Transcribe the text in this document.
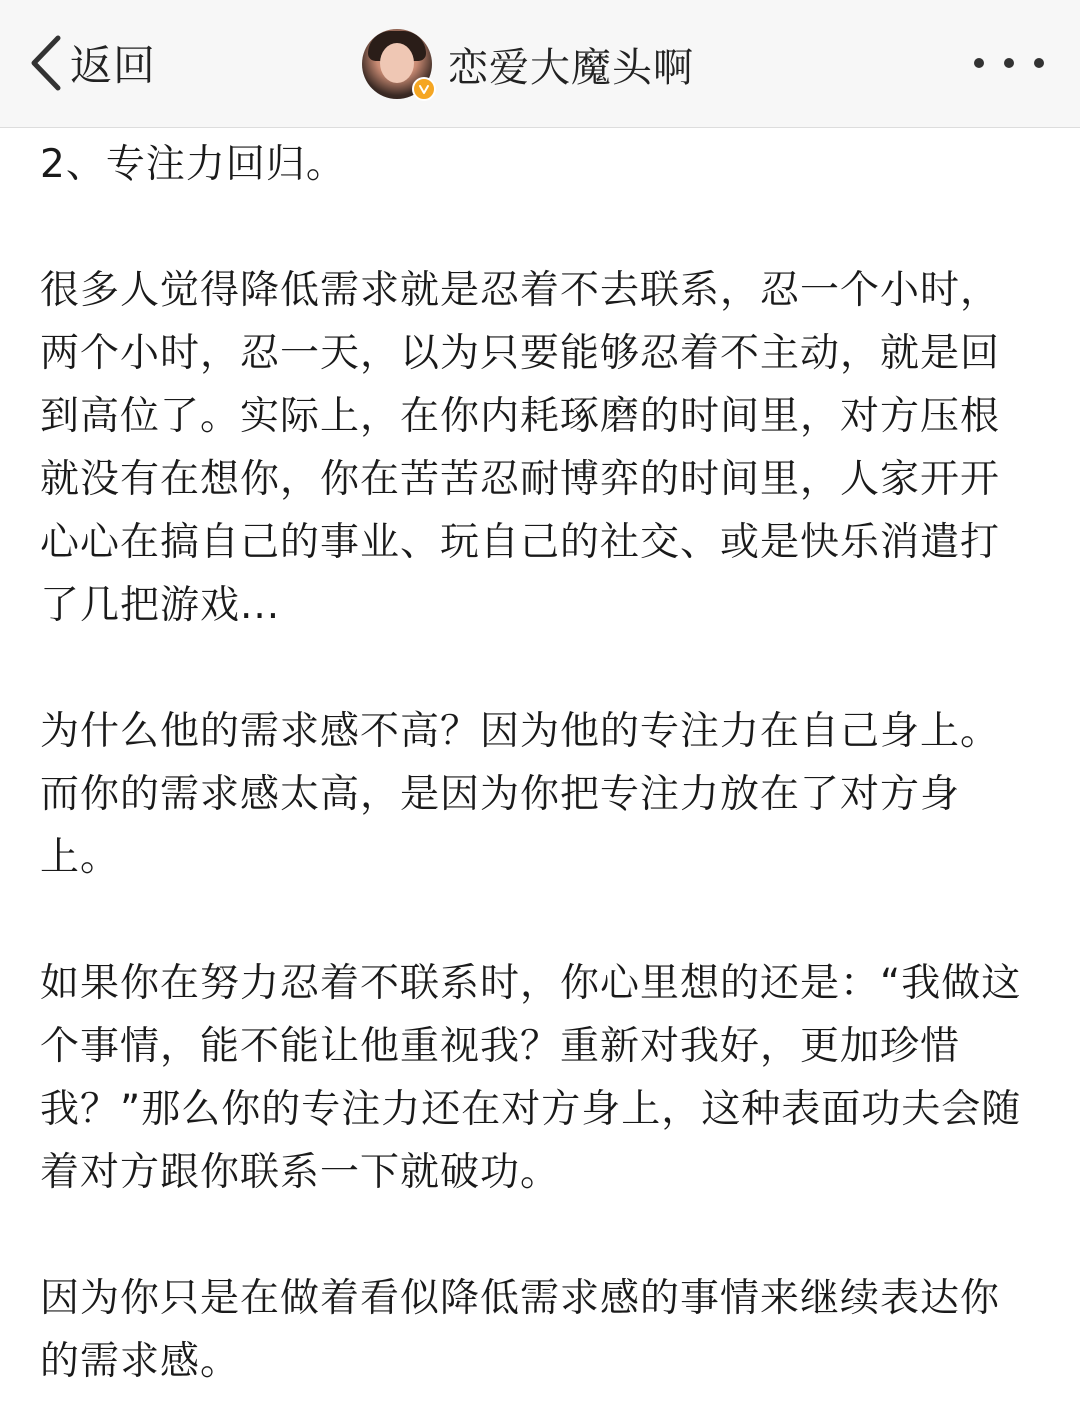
返回	恋爱大魔头啊

2、专注力回归。

很多人觉得降低需求就是忍着不去联系，忍一个小时，两个小时，忍一天，以为只要能够忍着不主动，就是回到高位了。实际上，在你内耗琢磨的时间里，对方压根就没有在想你，你在苦苦忍耐博弈的时间里，人家开开心心在搞自己的事业、玩自己的社交、或是快乐消遣打了几把游戏...

为什么他的需求感不高？因为他的专注力在自己身上。而你的需求感太高，是因为你把专注力放在了对方身上。

如果你在努力忍着不联系时，你心里想的还是：“我做这个事情，能不能让他重视我？重新对我好，更加珍惜我？”那么你的专注力还在对方身上，这种表面功夫会随着对方跟你联系一下就破功。

因为你只是在做着看似降低需求感的事情来继续表达你的需求感。
